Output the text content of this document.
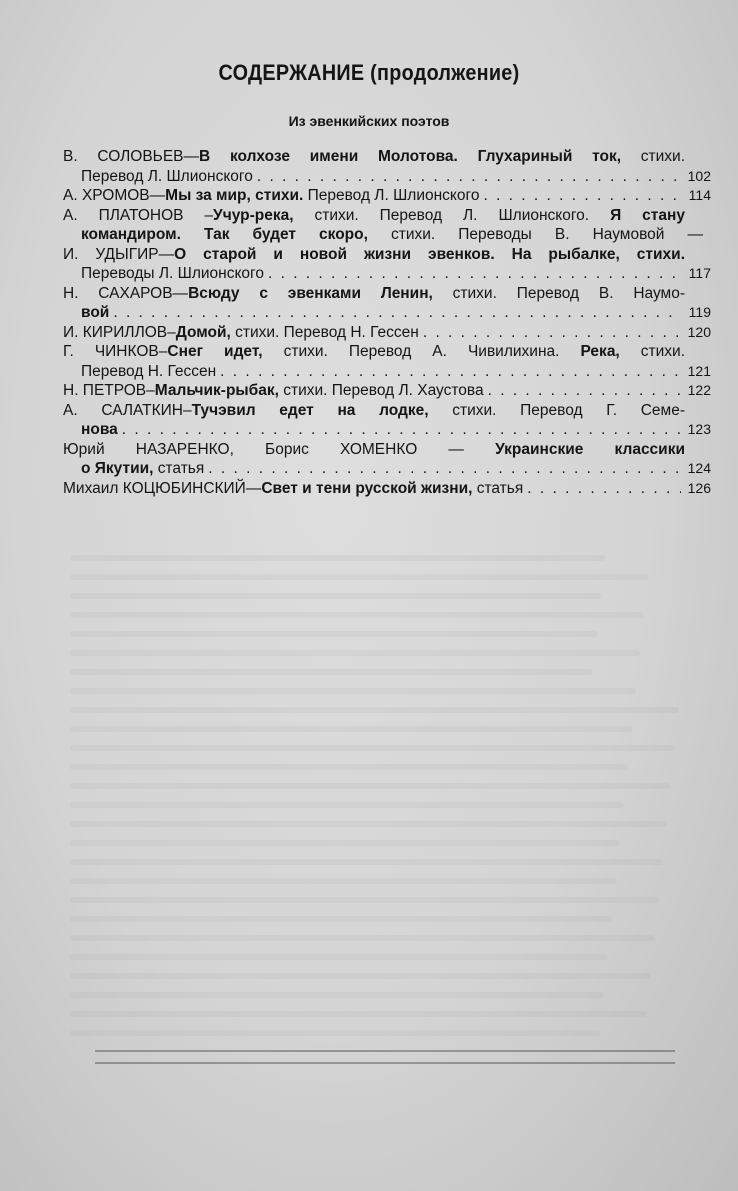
СОДЕРЖАНИЕ (продолжение)
Из эвенкийских поэтов
В. СОЛОВЬЕВ—В колхозе имени Молотова. Глухариный ток, стихи.
Перевод Л. Шлионского . . .	102
А. ХРОМОВ—Мы за мир, стихи. Перевод Л. Шлионского . . .	114
А. ПЛАТОНОВ –Учур-река, стихи. Перевод Л. Шлионского. Я стану
командиром. Так будет скоро, стихи. Переводы В. Наумовой —
И. УДЫГИР—О старой и новой жизни эвенков. На рыбалке, стихи.
Переводы Л. Шлионского . . .	117
Н. САХАРОВ—Всюду с эвенками Ленин, стихи. Перевод В. Наумо-
вой . . .	119
И. КИРИЛЛОВ–Домой, стихи. Перевод Н. Гессен . . .	120
Г. ЧИНКОВ–Снег идет, стихи. Перевод А. Чивилихина. Река, стихи.
Перевод Н. Гессен . . .	121
Н. ПЕТРОВ–Мальчик-рыбак, стихи. Перевод Л. Хаустова . . .	122
А. САЛАТКИН–Тучэвил едет на лодке, стихи. Перевод Г. Семе-
нова . . .	123
Юрий НАЗАРЕНКО, Борис ХОМЕНКО — Украинские классики
о Якутии, статья . . .	124
Михаил КОЦЮБИНСКИЙ—Свет и тени русской жизни, статья . . .	126
